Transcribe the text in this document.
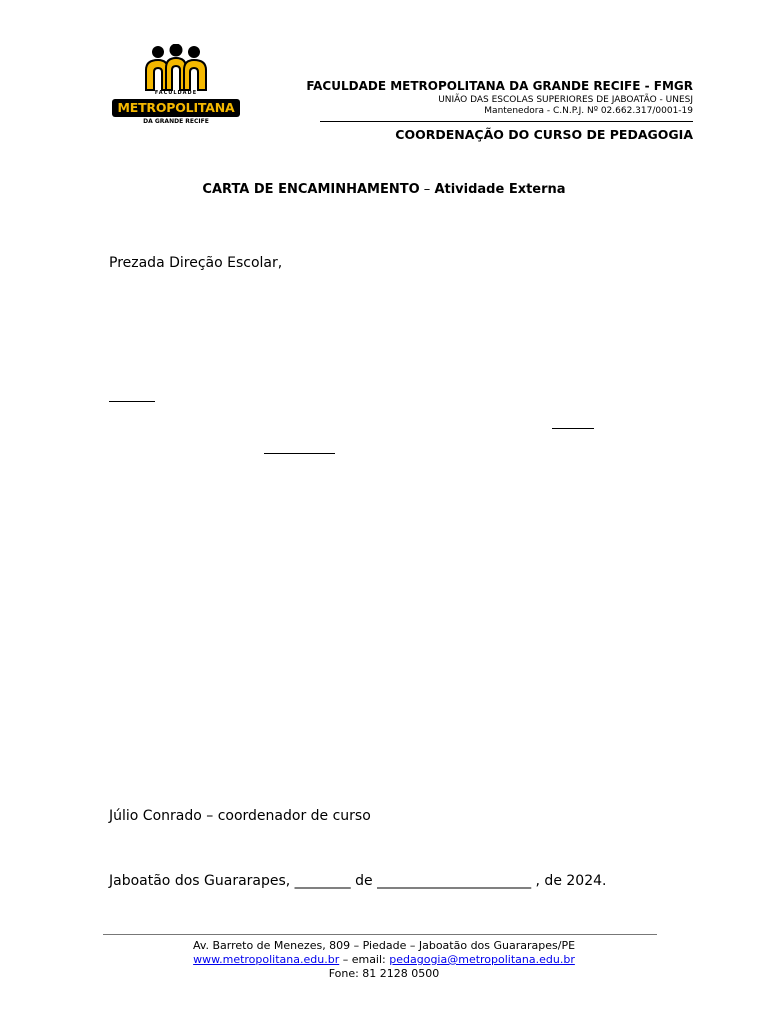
FACULDADE
METROPOLITANA
DA GRANDE RECIFE
FACULDADE METROPOLITANA DA GRANDE RECIFE - FMGR
UNIÃO DAS ESCOLAS SUPERIORES DE JABOATÃO - UNESJ
Mantenedora - C.N.P.J. Nº 02.662.317/0001-19
COORDENAÇÃO DO CURSO DE PEDAGOGIA
CARTA DE ENCAMINHAMENTO – Atividade Externa
Prezada Direção Escolar,
Júlio Conrado – coordenador de curso
Jaboatão dos Guararapes, ________ de ______________________ , de 2024.
Av. Barreto de Menezes, 809 – Piedade – Jaboatão dos Guararapes/PE
www.metropolitana.edu.br – email: pedagogia@metropolitana.edu.br
Fone: 81 2128 0500
